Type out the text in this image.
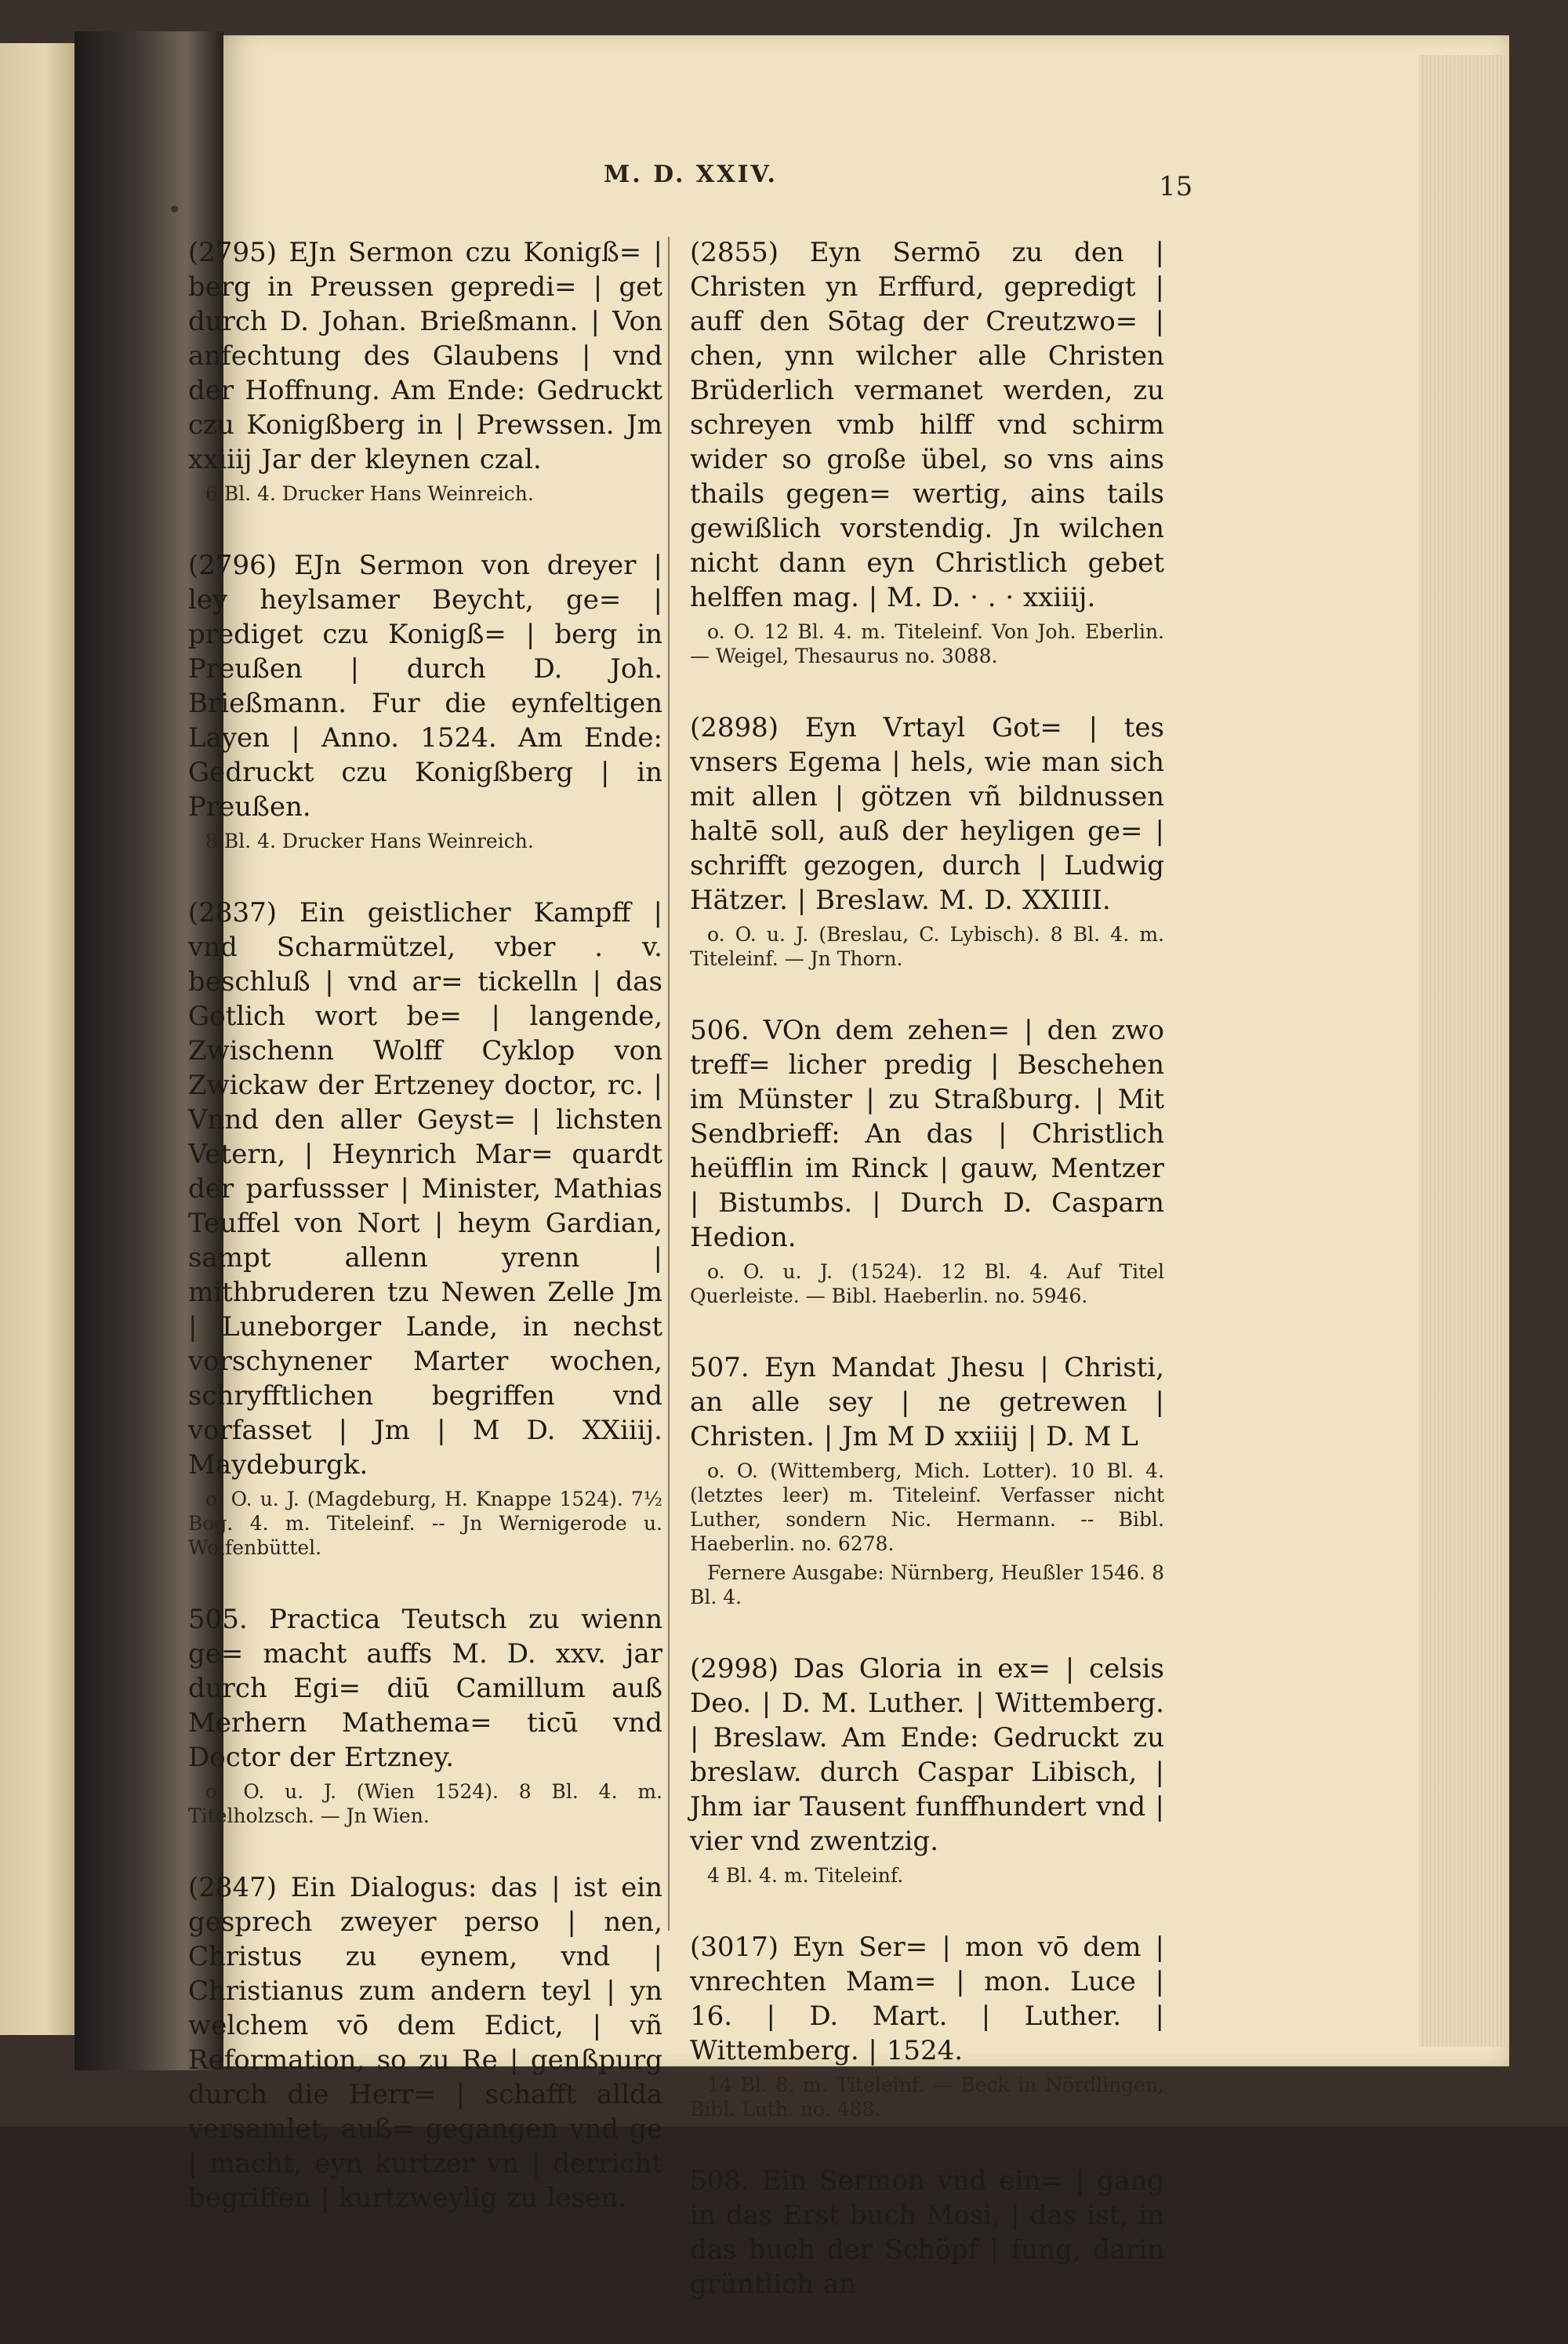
M. D. XXIV.	15

(2795) EJn Sermon czu Konigß= | berg in Preussen gepredi= | get durch D. Johan. Brießmann. | Von anfechtung des Glaubens | vnd der Hoffnung. Am Ende: Gedruckt czu Konigßberg in | Prewssen. Jm xxiiij Jar der kleynen czal.

6 Bl. 4. Drucker Hans Weinreich.

(2796) EJn Sermon von dreyer | ley heylsamer Beycht, ge= | prediget czu Konigß= | berg in Preußen | durch D. Joh. Brießmann. Fur die eynfeltigen Layen | Anno. 1524. Am Ende: Gedruckt czu Konigßberg | in Preußen.

8 Bl. 4. Drucker Hans Weinreich.

(2837) Ein geistlicher Kampff | vnd Scharmützel, vber . v. beschluß | vnd ar= tickelln | das Gotlich wort be= | langende, Zwischenn Wolff Cyklop von Zwickaw der Ertzeney doctor, rc. | Vnnd den aller Geyst= | lichsten Vetern, | Heynrich Mar= quardt der parfussser | Minister, Mathias Teuffel von Nort | heym Gardian, sampt allenn yrenn | mithbruderen tzu Newen Zelle Jm | Luneborger Lande, in nechst vorschynener Marter wochen, schryfftlichen begriffen vnd vorfasset | Jm | M D. XXiiij. Maydeburgk.

o. O. u. J. (Magdeburg, H. Knappe 1524). 7½ Bog. 4. m. Titeleinf. -- Jn Wernigerode u. Wolfenbüttel.

505. Practica Teutsch zu wienn ge= macht auffs M. D. xxv. jar durch Egi= diū Camillum auß Merhern Mathema= ticū vnd Doctor der Ertzney.

o. O. u. J. (Wien 1524). 8 Bl. 4. m. Titelholzsch. — Jn Wien.

(2847) Ein Dialogus: das | ist ein gesprech zweyer perso | nen, Christus zu eynem, vnd | Christianus zum andern teyl | yn welchem vō dem Edict, | vñ Reformation, so zu Re | genßpurg durch die Herr= | schafft allda versamlet, auß= gegangen vnd ge | macht, eyn kurtzer vn | derricht begriffen | kurtzweylig zu lesen.

6 Bl. 4. m. Titeleinf. — Butsch, Cat. 129. no. 216.

(2855) Eyn Sermō zu den | Christen yn Erffurd, gepredigt | auff den Sōtag der Creutzwo= | chen, ynn wilcher alle Christen Brüderlich vermanet werden, zu schreyen vmb hilff vnd schirm wider so große übel, so vns ains thails gegen= wertig, ains tails gewißlich vorstendig. Jn wilchen nicht dann eyn Christlich gebet helffen mag. | M. D. · . · xxiiij.

o. O. 12 Bl. 4. m. Titeleinf. Von Joh. Eberlin. — Weigel, Thesaurus no. 3088.

(2898) Eyn Vrtayl Got= | tes vnsers Egema | hels, wie man sich mit allen | götzen vñ bildnussen haltē soll, auß der heyligen ge= | schrifft gezogen, durch | Ludwig Hätzer. | Breslaw. M. D. XXIIII.

o. O. u. J. (Breslau, C. Lybisch). 8 Bl. 4. m. Titeleinf. — Jn Thorn.

506. VOn dem zehen= | den zwo treff= licher predig | Beschehen im Münster | zu Straßburg. | Mit Sendbrieff: An das | Christlich heüfflin im Rinck | gauw, Mentzer | Bistumbs. | Durch D. Casparn Hedion.

o. O. u. J. (1524). 12 Bl. 4. Auf Titel Querleiste. — Bibl. Haeberlin. no. 5946.

507. Eyn Mandat Jhesu | Christi, an alle sey | ne getrewen | Christen. | Jm M D xxiiij | D. M L

o. O. (Wittemberg, Mich. Lotter). 10 Bl. 4. (letztes leer) m. Titeleinf. Verfasser nicht Luther, sondern Nic. Hermann. -- Bibl. Haeberlin. no. 6278.

Fernere Ausgabe: Nürnberg, Heußler 1546. 8 Bl. 4.

(2998) Das Gloria in ex= | celsis Deo. | D. M. Luther. | Wittemberg. | Breslaw. Am Ende: Gedruckt zu breslaw. durch Caspar Libisch, | Jhm iar Tausent funffhundert vnd | vier vnd zwentzig.

4 Bl. 4. m. Titeleinf.

(3017) Eyn Ser= | mon vō dem | vnrechten Mam= | mon. Luce | 16. | D. Mart. | Luther. | Wittemberg. | 1524.

14 Bl. 8. m. Titeleinf. — Beck in Nördlingen, Bibl. Luth. no. 488.

508. Ein Sermon vnd ein= | gang in das Erst buch Mosi, | das ist, in das buch der Schöpf | fung, darin grüntlich an
